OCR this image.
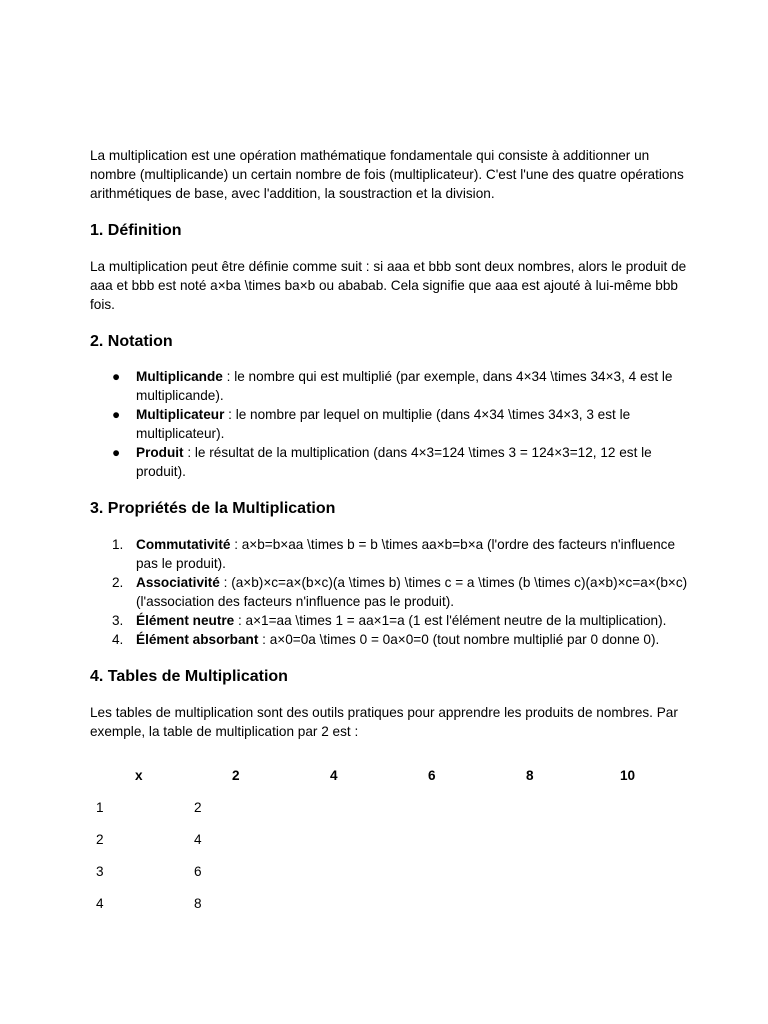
La multiplication est une opération mathématique fondamentale qui consiste à additionner un nombre (multiplicande) un certain nombre de fois (multiplicateur). C'est l'une des quatre opérations arithmétiques de base, avec l'addition, la soustraction et la division.

1. Définition

La multiplication peut être définie comme suit : si aaa et bbb sont deux nombres, alors le produit de aaa et bbb est noté a×ba \times ba×b ou ababab. Cela signifie que aaa est ajouté à lui-même bbb fois.

2. Notation
● Multiplicande : le nombre qui est multiplié (par exemple, dans 4×34 \times 34×3, 4 est le multiplicande).
● Multiplicateur : le nombre par lequel on multiplie (dans 4×34 \times 34×3, 3 est le multiplicateur).
● Produit : le résultat de la multiplication (dans 4×3=124 \times 3 = 124×3=12, 12 est le produit).
3. Propriétés de la Multiplication
1. Commutativité : a×b=b×aa \times b = b \times aa×b=b×a (l'ordre des facteurs n'influence pas le produit).
2. Associativité : (a×b)×c=a×(b×c)(a \times b) \times c = a \times (b \times c)(a×b)×c=a×(b×c) (l'association des facteurs n'influence pas le produit).
3. Élément neutre : a×1=aa \times 1 = aa×1=a (1 est l'élément neutre de la multiplication).
4. Élément absorbant : a×0=0a \times 0 = 0a×0=0 (tout nombre multiplié par 0 donne 0).
4. Tables de Multiplication

Les tables de multiplication sont des outils pratiques pour apprendre les produits de nombres. Par exemple, la table de multiplication par 2 est :

x	2	4	6	8	10
1	2				
2	4				
3	6				
4	8				
